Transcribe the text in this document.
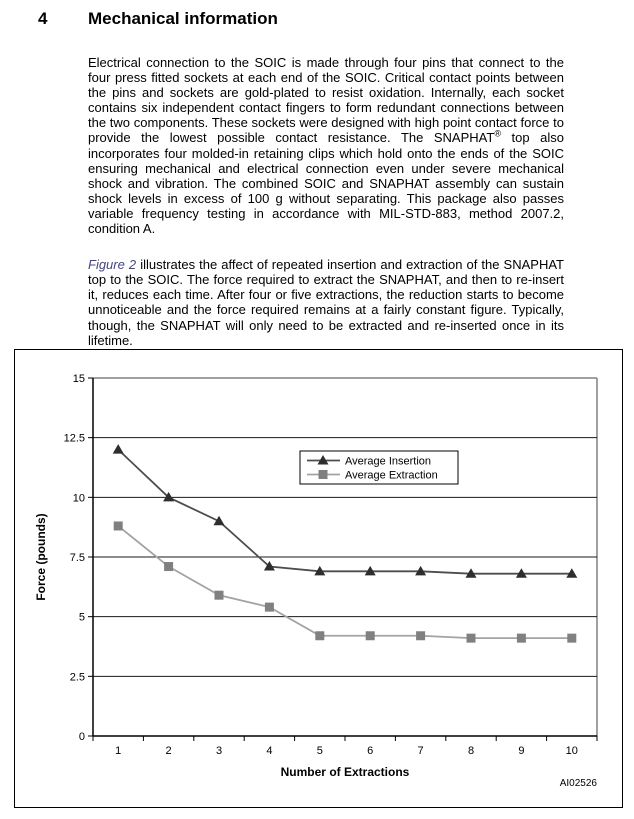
4	Mechanical information

Electrical connection to the SOIC is made through four pins that connect to the four press fitted sockets at each end of the SOIC. Critical contact points between the pins and sockets are gold-plated to resist oxidation. Internally, each socket contains six independent contact fingers to form redundant connections between the two components. These sockets were designed with high point contact force to provide the lowest possible contact resistance. The SNAPHAT® top also incorporates four molded-in retaining clips which hold onto the ends of the SOIC ensuring mechanical and electrical connection even under severe mechanical shock and vibration. The combined SOIC and SNAPHAT assembly can sustain shock levels in excess of 100 g without separating. This package also passes variable frequency testing in accordance with MIL-STD-883, method 2007.2, condition A.

Figure 2 illustrates the affect of repeated insertion and extraction of the SNAPHAT top to the SOIC. The force required to extract the SNAPHAT, and then to re-insert it, reduces each time. After four or five extractions, the reduction starts to become unnoticeable and the force required remains at a fairly constant figure. Typically, though, the SNAPHAT will only need to be extracted and re-inserted once in its lifetime.

0
2.5
5
7.5
10
12.5
15
1	2	3	4	5	6	7	8	9	10
Average Insertion
Average Extraction
Force (pounds)
Number of Extractions
AI02526
